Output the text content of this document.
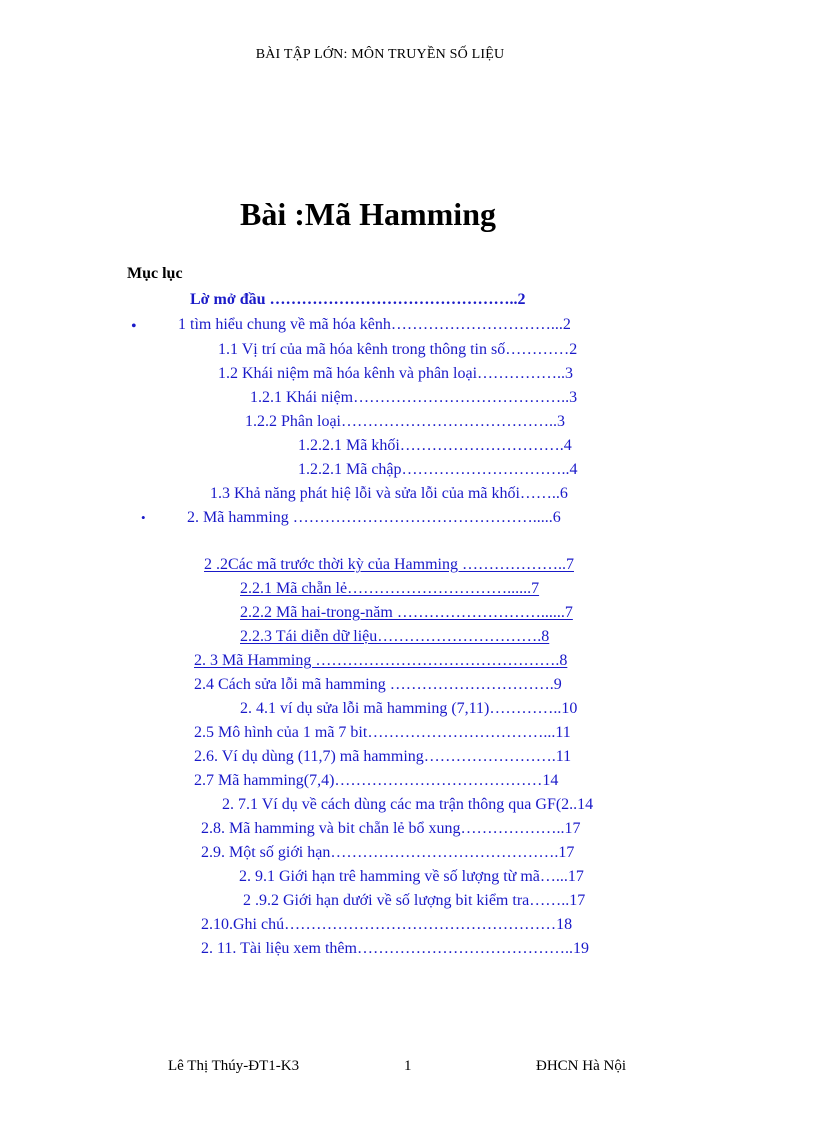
BÀI TẬP LỚN: MÔN TRUYỀN SỐ LIỆU
Bài :Mã Hamming
Mục lục
•
•
Lờ mở đầu ………………………………………..2
1 tìm hiểu chung về mã hóa kênh…………………………...2
1.1 Vị trí của mã hóa kênh trong thông tin số…………2
1.2 Khái niệm mã hóa kênh và phân loại……………..3
1.2.1 Khái niệm…………………………………..3
1.2.2 Phân loại…………………………………..3
1.2.2.1 Mã khối………………………….4
1.2.2.1 Mã chập…………………………..4
1.3 Khả năng phát hiệ lỗi và sửa lỗi của mã khối……..6
2. Mã hamming ……………………………………….....6
2 .2Các mã trước thời kỳ của Hamming ………………..7
2.2.1 Mã chẵn lẻ…………………………......7
2.2.2 Mã hai-trong-năm ………………………......7
2.2.3 Tái diễn dữ liệu………………………….8
2. 3 Mã Hamming ……………………………………….8
2.4 Cách sửa lỗi mã hamming ………………………….9
2. 4.1 ví dụ sửa lỗi mã hamming (7,11)…………..10
2.5 Mô hình của 1 mã 7 bit……………………………...11
2.6. Ví dụ dùng (11,7) mã hamming…………………….11
2.7 Mã hamming(7,4)…………………………………14
2. 7.1 Ví dụ về cách dùng các ma trận thông qua GF(2..14
2.8. Mã hamming và bit chẵn lẻ bổ xung………………..17
2.9. Một số giới hạn…………………………………….17
2. 9.1 Giới hạn trê hamming về số lượng từ mã…...17
2 .9.2 Giới hạn dưới về số lượng bit kiểm tra……..17
2.10.Ghi chú……………………………………………18
2. 11. Tài liệu xem thêm…………………………………..19
Lê Thị Thúy-ĐT1-K3	1	ĐHCN Hà Nội
